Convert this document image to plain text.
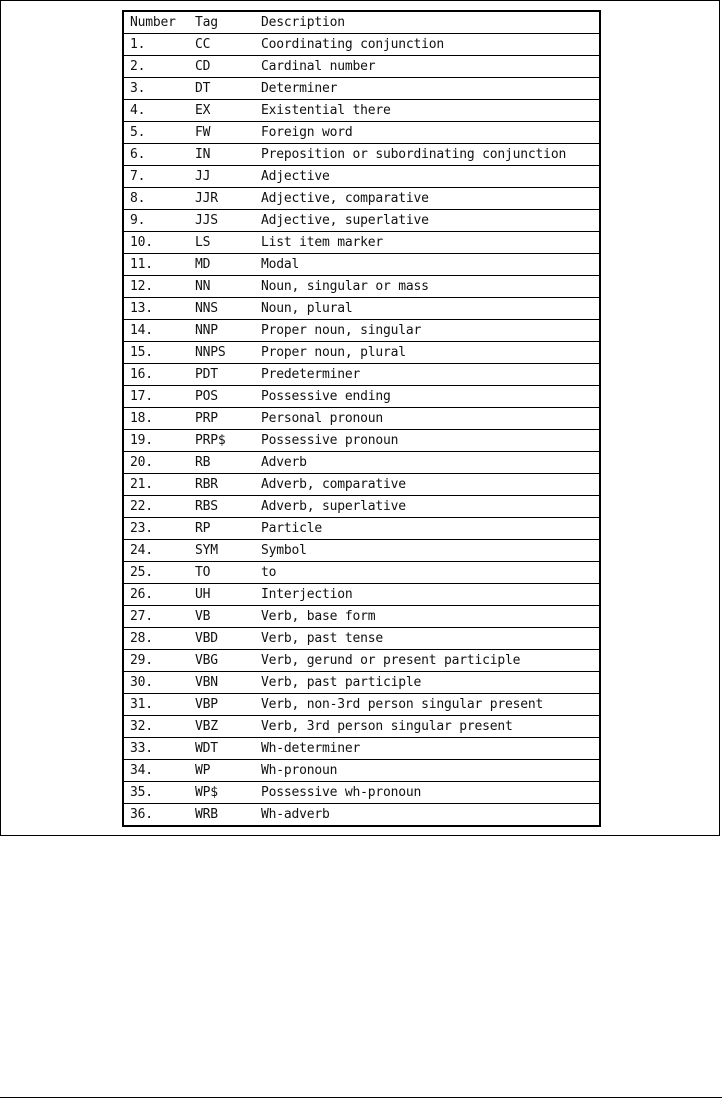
Number	Tag	Description
1.	CC	Coordinating conjunction
2.	CD	Cardinal number
3.	DT	Determiner
4.	EX	Existential there
5.	FW	Foreign word
6.	IN	Preposition or subordinating conjunction
7.	JJ	Adjective
8.	JJR	Adjective, comparative
9.	JJS	Adjective, superlative
10.	LS	List item marker
11.	MD	Modal
12.	NN	Noun, singular or mass
13.	NNS	Noun, plural
14.	NNP	Proper noun, singular
15.	NNPS	Proper noun, plural
16.	PDT	Predeterminer
17.	POS	Possessive ending
18.	PRP	Personal pronoun
19.	PRP$	Possessive pronoun
20.	RB	Adverb
21.	RBR	Adverb, comparative
22.	RBS	Adverb, superlative
23.	RP	Particle
24.	SYM	Symbol
25.	TO	to
26.	UH	Interjection
27.	VB	Verb, base form
28.	VBD	Verb, past tense
29.	VBG	Verb, gerund or present participle
30.	VBN	Verb, past participle
31.	VBP	Verb, non-3rd person singular present
32.	VBZ	Verb, 3rd person singular present
33.	WDT	Wh-determiner
34.	WP	Wh-pronoun
35.	WP$	Possessive wh-pronoun
36.	WRB	Wh-adverb
